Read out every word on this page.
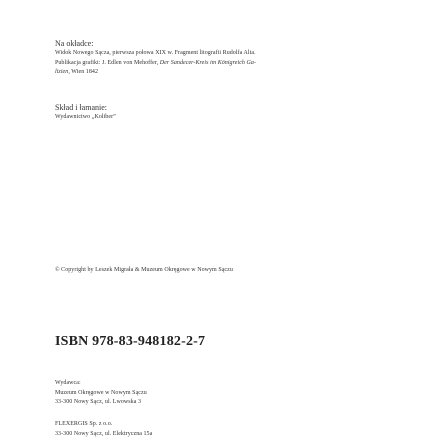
Na okładce:
Widok Nowego Sącza, pierwsza połowa XIX w. Fragment litografii Rudolfa Alta.
Publikacja grafiki: J. Edlen von Mehoffer, Der Sandecer-Kreis im Königreich Ga-
lizien, Wien 1842
Skład i łamanie:
Wydawnictwo „Koliber”
© Copyright by Leszek Migrała & Muzeum Okręgowe w Nowym Sączu
ISBN 978-83-948182-2-7
Wydawca:
Muzeum Okręgowe w Nowym Sączu
33-300 Nowy Sącz, ul. Lwowska 3
FLEXERGIS Sp. z o.o.
33-300 Nowy Sącz, ul. Elektryczna 15a
